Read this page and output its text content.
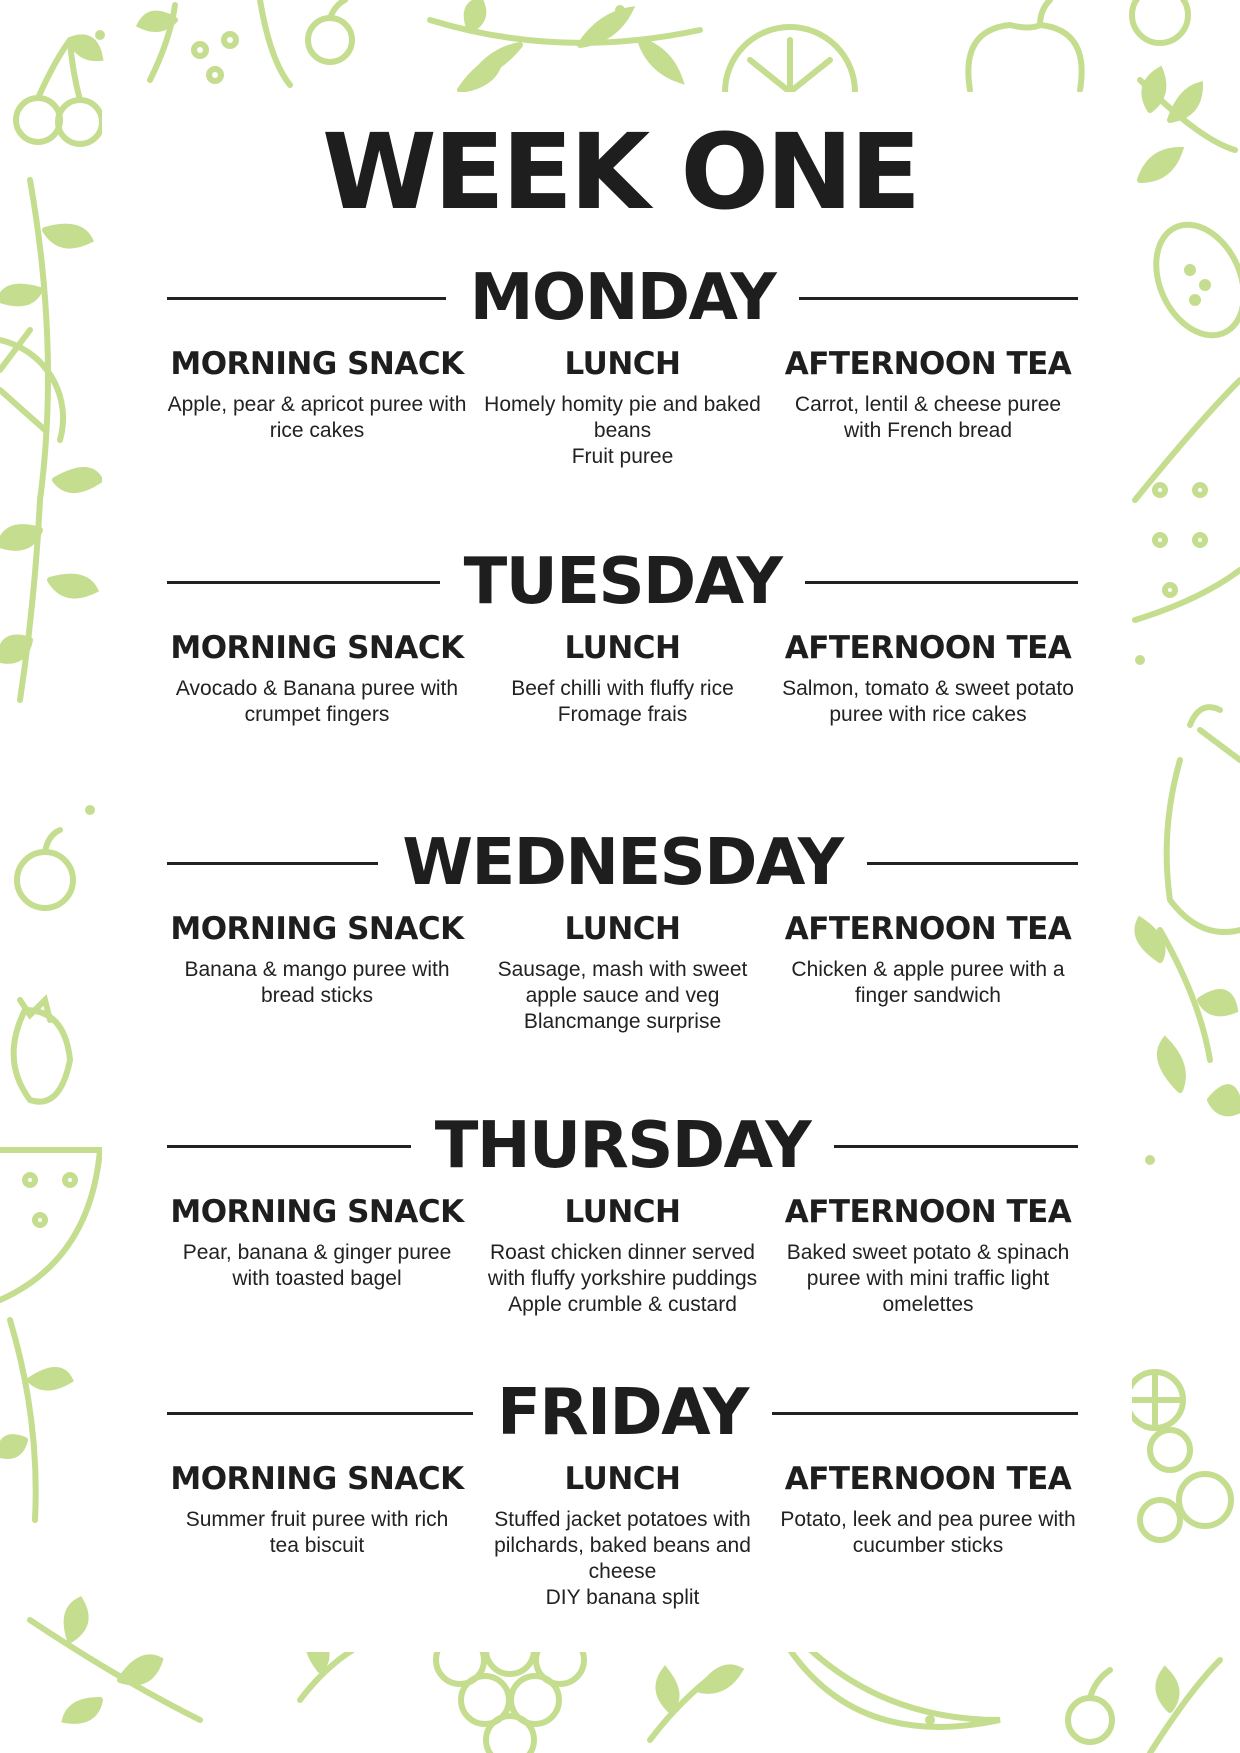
WEEK ONE
MONDAY
MORNING SNACK

Apple, pear & apricot puree with

rice cakes

LUNCH

Homely homity pie and baked

beans

Fruit puree

AFTERNOON TEA

Carrot, lentil & cheese puree

with French bread

TUESDAY
MORNING SNACK

Avocado & Banana puree with

crumpet fingers

LUNCH

Beef chilli with fluffy rice

Fromage frais

AFTERNOON TEA

Salmon, tomato & sweet potato

puree with rice cakes

WEDNESDAY
MORNING SNACK

Banana & mango puree with

bread sticks

LUNCH

Sausage, mash with sweet

apple sauce and veg

Blancmange surprise

AFTERNOON TEA

Chicken & apple puree with a

finger sandwich

THURSDAY
MORNING SNACK

Pear, banana & ginger puree

with toasted bagel

LUNCH

Roast chicken dinner served

with fluffy yorkshire puddings

Apple crumble & custard

AFTERNOON TEA

Baked sweet potato & spinach

puree with mini traffic light

omelettes

FRIDAY
MORNING SNACK

Summer fruit puree with rich

tea biscuit

LUNCH

Stuffed jacket potatoes with

pilchards, baked beans and

cheese

DIY banana split

AFTERNOON TEA

Potato, leek and pea puree with

cucumber sticks
